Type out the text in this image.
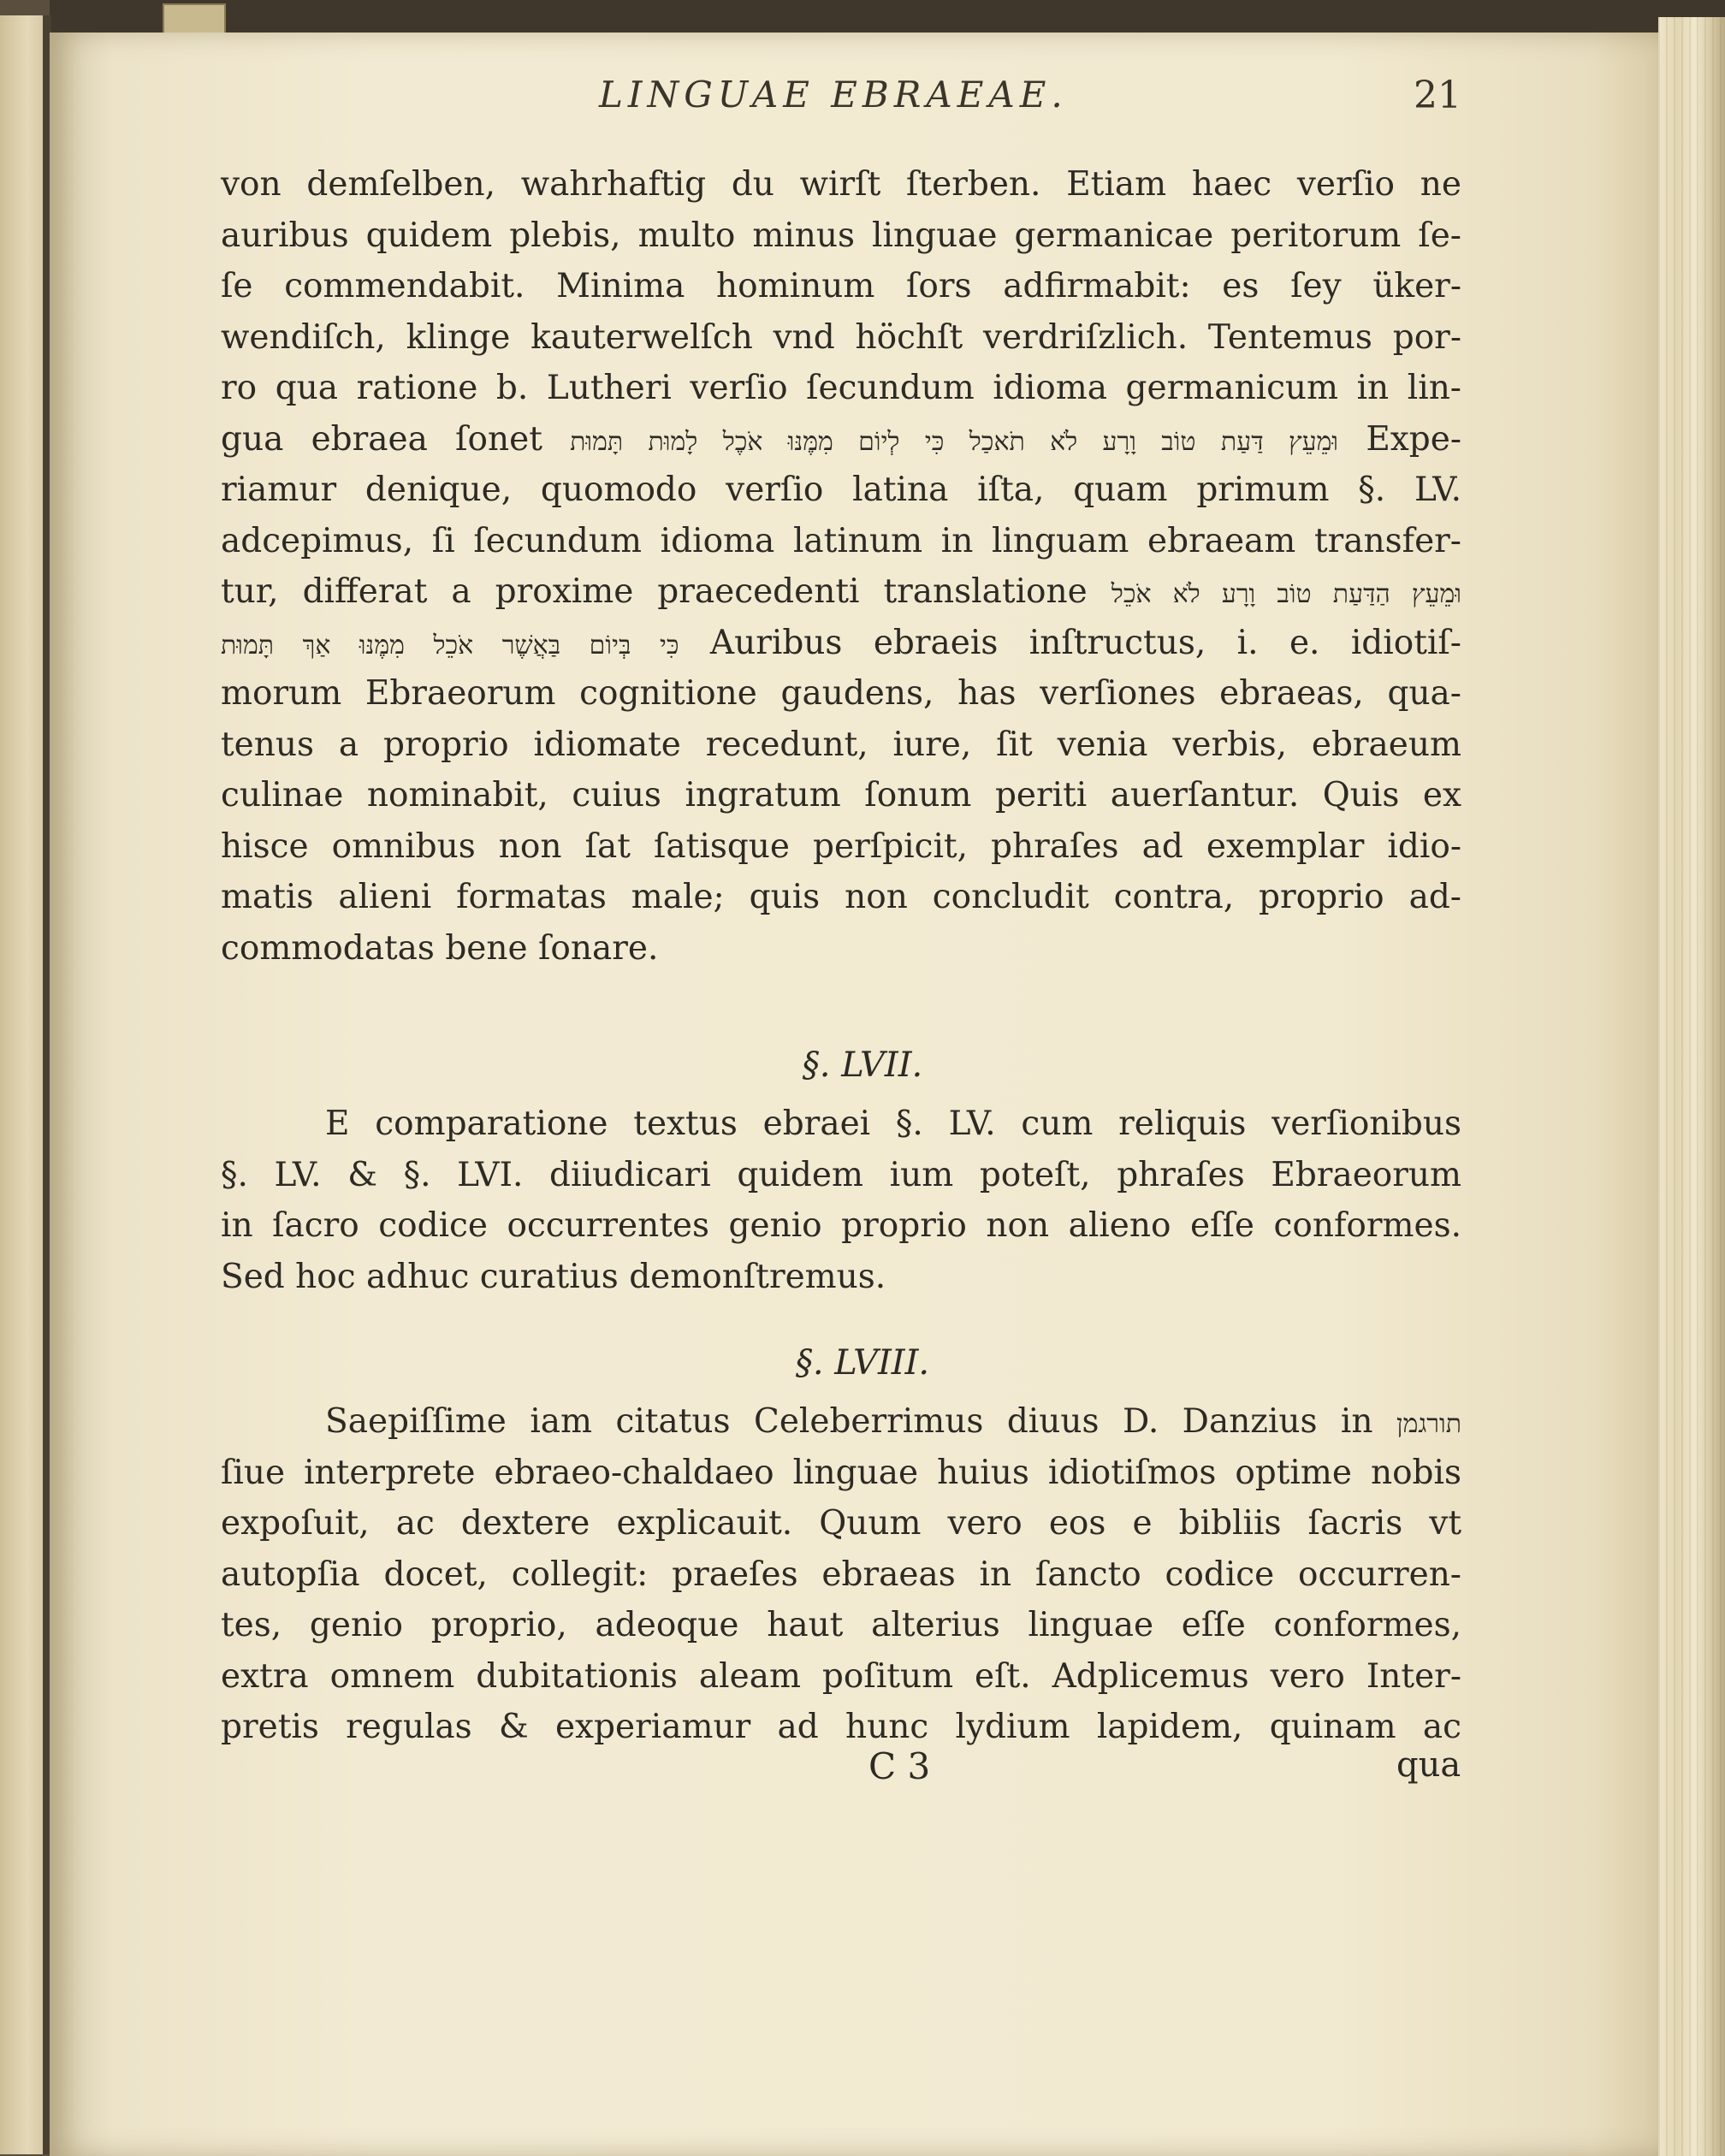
LINGUAE EBRAEAE.	21
von demſelben, wahrhaftig du wirſt ſterben. Etiam haec verſio ne
auribus quidem plebis, multo minus linguae germanicae peritorum ſe-
ſe commendabit. Minima hominum ſors adfirmabit: es ſey üker-
wendiſch, klinge kauterwelſch vnd höchſt verdriſzlich. Tentemus por-
ro qua ratione b. Lutheri verſio ſecundum idioma germanicum in lin-
gua ebraea ſonet וּמֵעֵץ דַּעַת טוֹב וָרָע לֹא תֹאכַל כִּי לְיוֹם מִמֶּנּוּ אֹכֶל לָמוּת תָּמוּת Expe-
riamur denique, quomodo verſio latina iſta, quam primum §. LV.
adcepimus, ſi ſecundum idioma latinum in linguam ebraeam transfer-
tur, differat a proxime praecedenti translatione וּמֵעֵץ הַדַּעַת טוֹב וָרָע לֹא אֹכֵל
כִּי בְּיוֹם בַּאֲשֶׁר אֹכֵל מִמֶּנּוּ אַךְ תָּמוּת Auribus ebraeis inſtructus, i. e. idiotiſ-
morum Ebraeorum cognitione gaudens, has verſiones ebraeas, qua-
tenus a proprio idiomate recedunt, iure, ſit venia verbis, ebraeum
culinae nominabit, cuius ingratum ſonum periti auerſantur. Quis ex
hisce omnibus non ſat ſatisque perſpicit, phraſes ad exemplar idio-
matis alieni formatas male; quis non concludit contra, proprio ad-
commodatas bene ſonare.
§. LVII.
E comparatione textus ebraei §. LV. cum reliquis verſionibus
§. LV. & §. LVI. diiudicari quidem ium poteſt, phraſes Ebraeorum
in ſacro codice occurrentes genio proprio non alieno eſſe conformes.
Sed hoc adhuc curatius demonſtremus.
§. LVIII.
Saepiſſime iam citatus Celeberrimus diuus D. Danzius in תורגמן
ſiue interprete ebraeo-chaldaeo linguae huius idiotiſmos optime nobis
expoſuit, ac dextere explicauit. Quum vero eos e bibliis ſacris vt
autopſia docet, collegit: praeſes ebraeas in ſancto codice occurren-
tes, genio proprio, adeoque haut alterius linguae eſſe conformes,
extra omnem dubitationis aleam poſitum eſt. Adplicemus vero Inter-
pretis regulas & experiamur ad hunc lydium lapidem, quinam ac
C 3	qua
